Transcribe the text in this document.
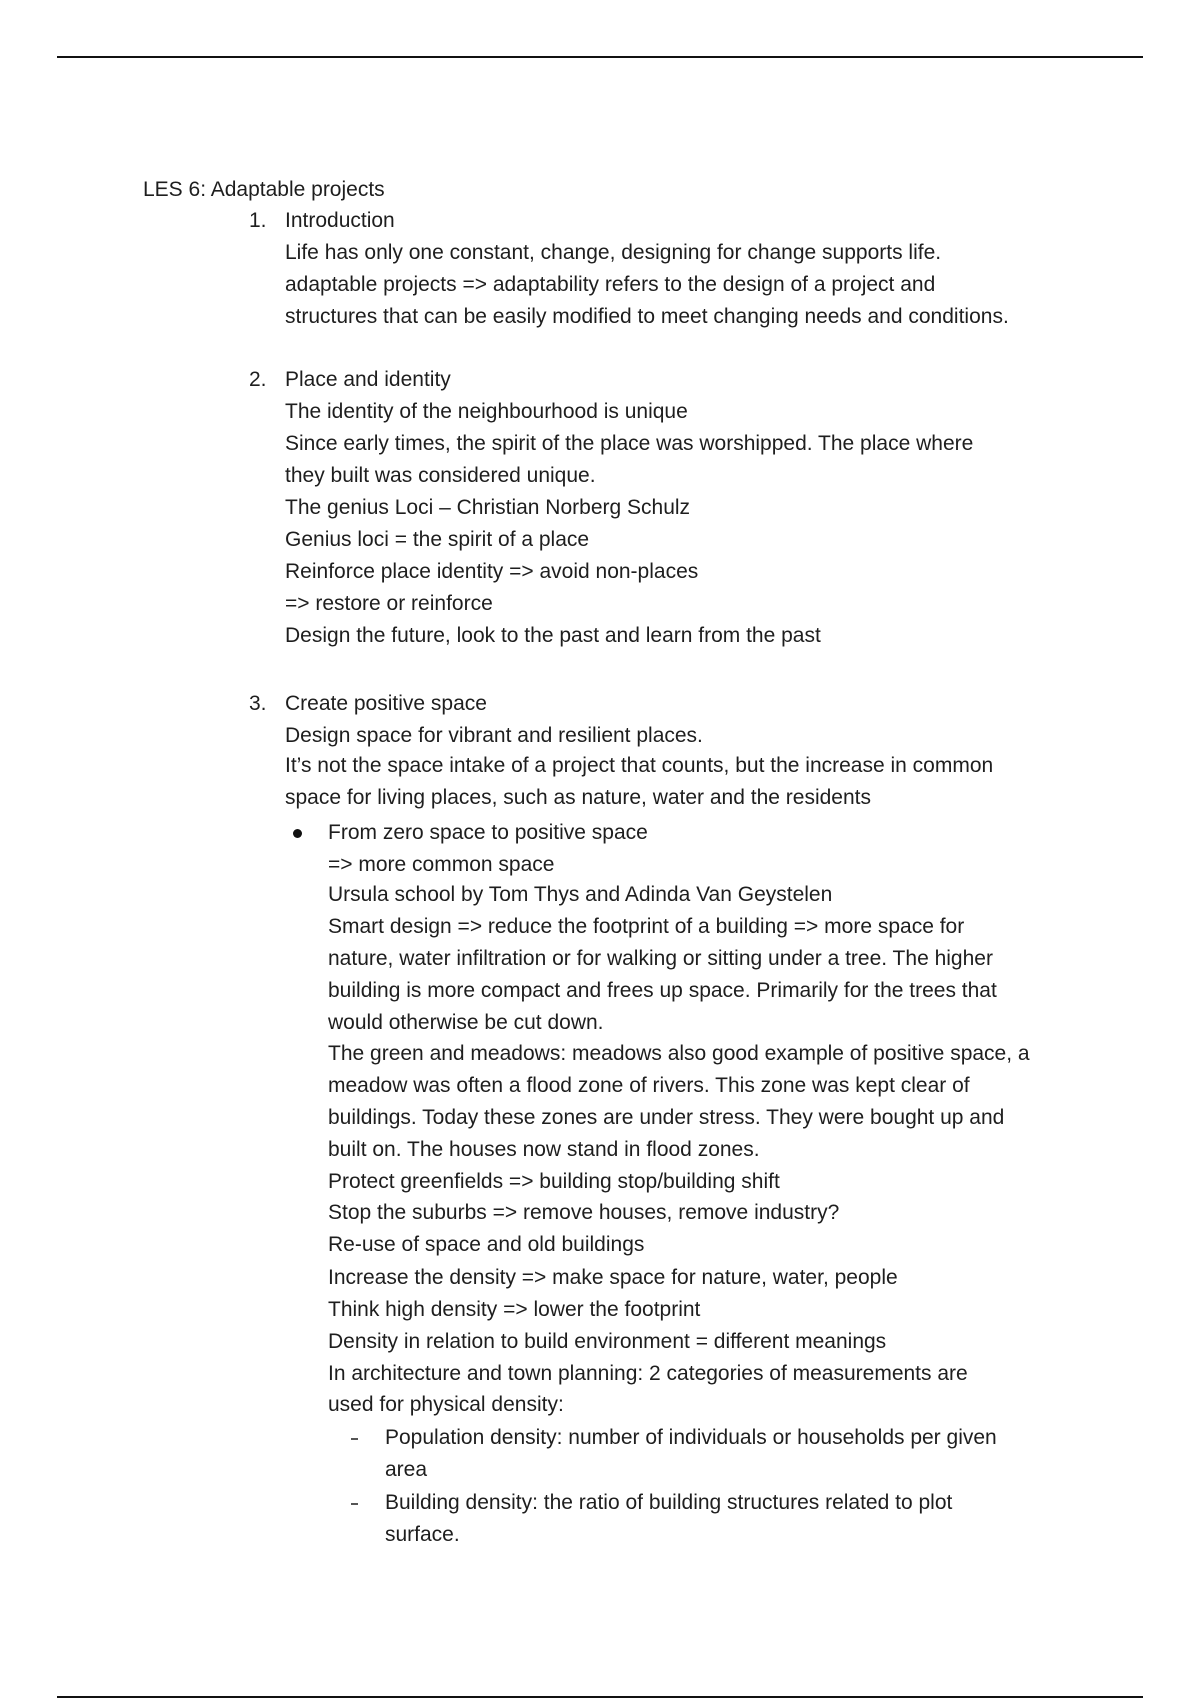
LES 6: Adaptable projects
1. Introduction
Life has only one constant, change, designing for change supports life.
adaptable projects => adaptability refers to the design of a project and
structures that can be easily modified to meet changing needs and conditions.
2. Place and identity
The identity of the neighbourhood is unique
Since early times, the spirit of the place was worshipped. The place where
they built was considered unique.
The genius Loci – Christian Norberg Schulz
Genius loci = the spirit of a place
Reinforce place identity => avoid non-places
=> restore or reinforce
Design the future, look to the past and learn from the past
3. Create positive space
Design space for vibrant and resilient places.
It’s not the space intake of a project that counts, but the increase in common
space for living places, such as nature, water and the residents
From zero space to positive space
=> more common space
Ursula school by Tom Thys and Adinda Van Geystelen
Smart design => reduce the footprint of a building => more space for
nature, water infiltration or for walking or sitting under a tree. The higher
building is more compact and frees up space. Primarily for the trees that
would otherwise be cut down.
The green and meadows: meadows also good example of positive space, a
meadow was often a flood zone of rivers. This zone was kept clear of
buildings. Today these zones are under stress. They were bought up and
built on. The houses now stand in flood zones.
Protect greenfields => building stop/building shift
Stop the suburbs => remove houses, remove industry?
Re-use of space and old buildings
Increase the density => make space for nature, water, people
Think high density => lower the footprint
Density in relation to build environment = different meanings
In architecture and town planning: 2 categories of measurements are
used for physical density:
Population density: number of individuals or households per given
area
Building density: the ratio of building structures related to plot
surface.
